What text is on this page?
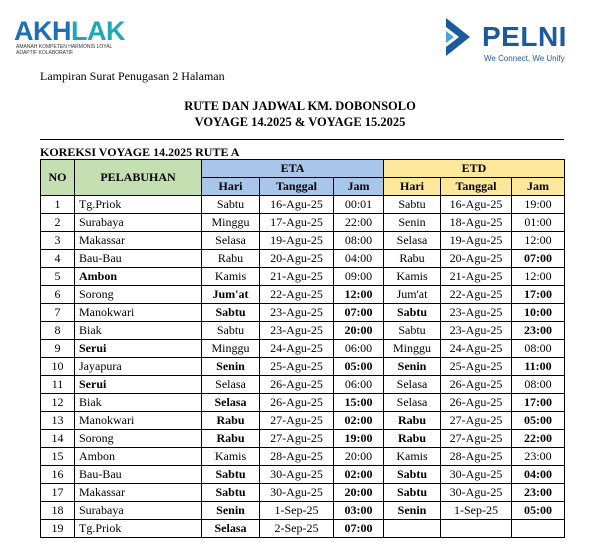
AKHLAK
AMANAH KOMPETEN HARMONIS LOYAL ADAPTIF KOLABORATIF
PELNI
We Connect, We Unify
Lampiran Surat Penugasan 2 Halaman
RUTE DAN JADWAL KM. DOBONSOLO
VOYAGE 14.2025 & VOYAGE 15.2025
KOREKSI VOYAGE 14.2025 RUTE A
NO	PELABUHAN	ETA			ETD		
		Hari	Tanggal	Jam	Hari	Tanggal	Jam
1	Tg.Priok	Sabtu	16-Agu-25	00:01	Sabtu	16-Agu-25	19:00
2	Surabaya	Minggu	17-Agu-25	22:00	Senin	18-Agu-25	01:00
3	Makassar	Selasa	19-Agu-25	08:00	Selasa	19-Agu-25	12:00
4	Bau-Bau	Rabu	20-Agu-25	04:00	Rabu	20-Agu-25	07:00
5	Ambon	Kamis	21-Agu-25	09:00	Kamis	21-Agu-25	12:00
6	Sorong	Jum'at	22-Agu-25	12:00	Jum'at	22-Agu-25	17:00
7	Manokwari	Sabtu	23-Agu-25	07:00	Sabtu	23-Agu-25	10:00
8	Biak	Sabtu	23-Agu-25	20:00	Sabtu	23-Agu-25	23:00
9	Serui	Minggu	24-Agu-25	06:00	Minggu	24-Agu-25	08:00
10	Jayapura	Senin	25-Agu-25	05:00	Senin	25-Agu-25	11:00
11	Serui	Selasa	26-Agu-25	06:00	Selasa	26-Agu-25	08:00
12	Biak	Selasa	26-Agu-25	15:00	Selasa	26-Agu-25	17:00
13	Manokwari	Rabu	27-Agu-25	02:00	Rabu	27-Agu-25	05:00
14	Sorong	Rabu	27-Agu-25	19:00	Rabu	27-Agu-25	22:00
15	Ambon	Kamis	28-Agu-25	20:00	Kamis	28-Agu-25	23:00
16	Bau-Bau	Sabtu	30-Agu-25	02:00	Sabtu	30-Agu-25	04:00
17	Makassar	Sabtu	30-Agu-25	20:00	Sabtu	30-Agu-25	23:00
18	Surabaya	Senin	1-Sep-25	03:00	Senin	1-Sep-25	05:00
19	Tg.Priok	Selasa	2-Sep-25	07:00			
